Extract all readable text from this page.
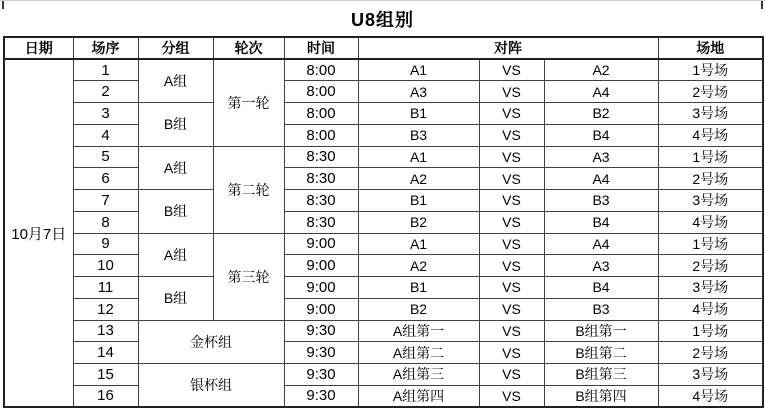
U8组别
日期	场序	分组	轮次	时间	对阵			场地
10月7日	1	A组	第一轮	8:00	A1	VS	A2	1号场
	2			8:00	A3	VS	A4	2号场
	3	B组		8:00	B1	VS	B2	3号场
	4			8:00	B3	VS	B4	4号场
	5	A组	第二轮	8:30	A1	VS	A3	1号场
	6			8:30	A2	VS	A4	2号场
	7	B组		8:30	B1	VS	B3	3号场
	8			8:30	B2	VS	B4	4号场
	9	A组	第三轮	9:00	A1	VS	A4	1号场
	10			9:00	A2	VS	A3	2号场
	11	B组		9:00	B1	VS	B4	3号场
	12			9:00	B2	VS	B3	4号场
	13	金杯组		9:30	A组第一	VS	B组第一	1号场
	14			9:30	A组第二	VS	B组第二	2号场
	15	银杯组		9:30	A组第三	VS	B组第三	3号场
	16			9:30	A组第四	VS	B组第四	4号场
